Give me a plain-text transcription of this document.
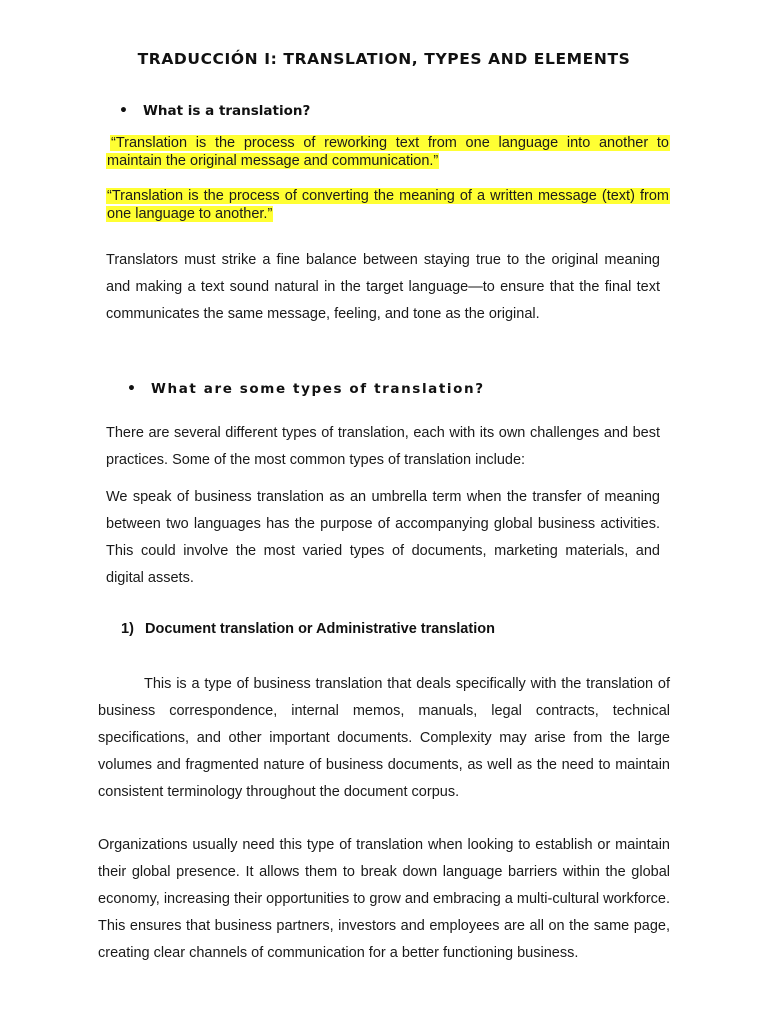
TRADUCCIÓN I: TRANSLATION, TYPES AND ELEMENTS
•	What is a translation?
“Translation is the process of reworking text from one language into another to maintain the original message and communication.”
“Translation is the process of converting the meaning of a written message (text) from one language to another.”
Translators must strike a fine balance between staying true to the original meaning and making a text sound natural in the target language—to ensure that the final text communicates the same message, feeling, and tone as the original.
• What are some types of translation?
There are several different types of translation, each with its own challenges and best practices. Some of the most common types of translation include:
We speak of business translation as an umbrella term when the transfer of meaning between two languages has the purpose of accompanying global business activities. This could involve the most varied types of documents, marketing materials, and digital assets.
1) Document translation or Administrative translation
This is a type of business translation that deals specifically with the translation of business correspondence, internal memos, manuals, legal contracts, technical specifications, and other important documents. Complexity may arise from the large volumes and fragmented nature of business documents, as well as the need to maintain consistent terminology throughout the document corpus.
Organizations usually need this type of translation when looking to establish or maintain their global presence. It allows them to break down language barriers within the global economy, increasing their opportunities to grow and embracing a multi-cultural workforce. This ensures that business partners, investors and employees are all on the same page, creating clear channels of communication for a better functioning business.
